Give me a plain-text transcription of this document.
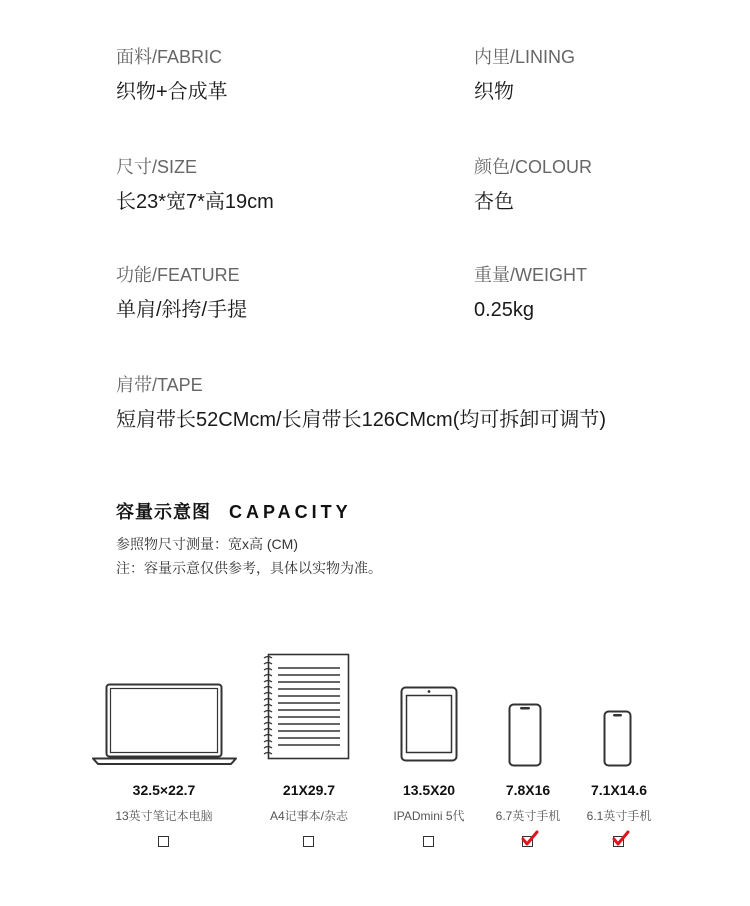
面料/FABRIC
织物+合成革
内里/LINING
织物
尺寸/SIZE
长23*宽7*高19cm
颜色/COLOUR
杏色
功能/FEATURE
单肩/斜挎/手提
重量/WEIGHT
0.25kg
肩带/TAPE
短肩带长52CMcm/长肩带长126CMcm(均可拆卸可调节)
容量示意图 CAPACITY
参照物尺寸测量：宽x高 (CM)
注：容量示意仅供参考，具体以实物为准。
32.5×22.7
13英寸笔记本电脑
21X29.7
A4记事本/杂志
13.5X20
IPADmini 5代
7.8X16
6.7英寸手机
7.1X14.6
6.1英寸手机
